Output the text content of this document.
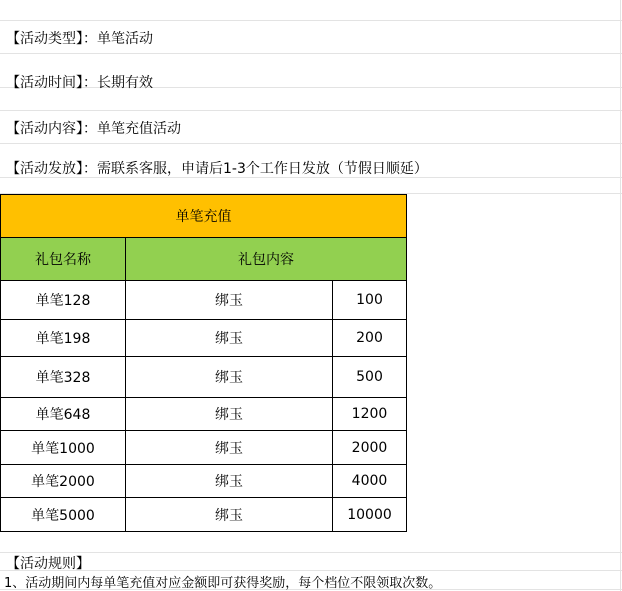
【活动类型】：单笔活动
【活动时间】：长期有效
【活动内容】：单笔充值活动
【活动发放】：需联系客服，申请后1-3个工作日发放（节假日顺延）
单笔充值		
礼包名称	礼包内容	
单笔128	绑玉	100
单笔198	绑玉	200
单笔328	绑玉	500
单笔648	绑玉	1200
单笔1000	绑玉	2000
单笔2000	绑玉	4000
单笔5000	绑玉	10000
【活动规则】
1、活动期间内每单笔充值对应金额即可获得奖励，每个档位不限领取次数。
